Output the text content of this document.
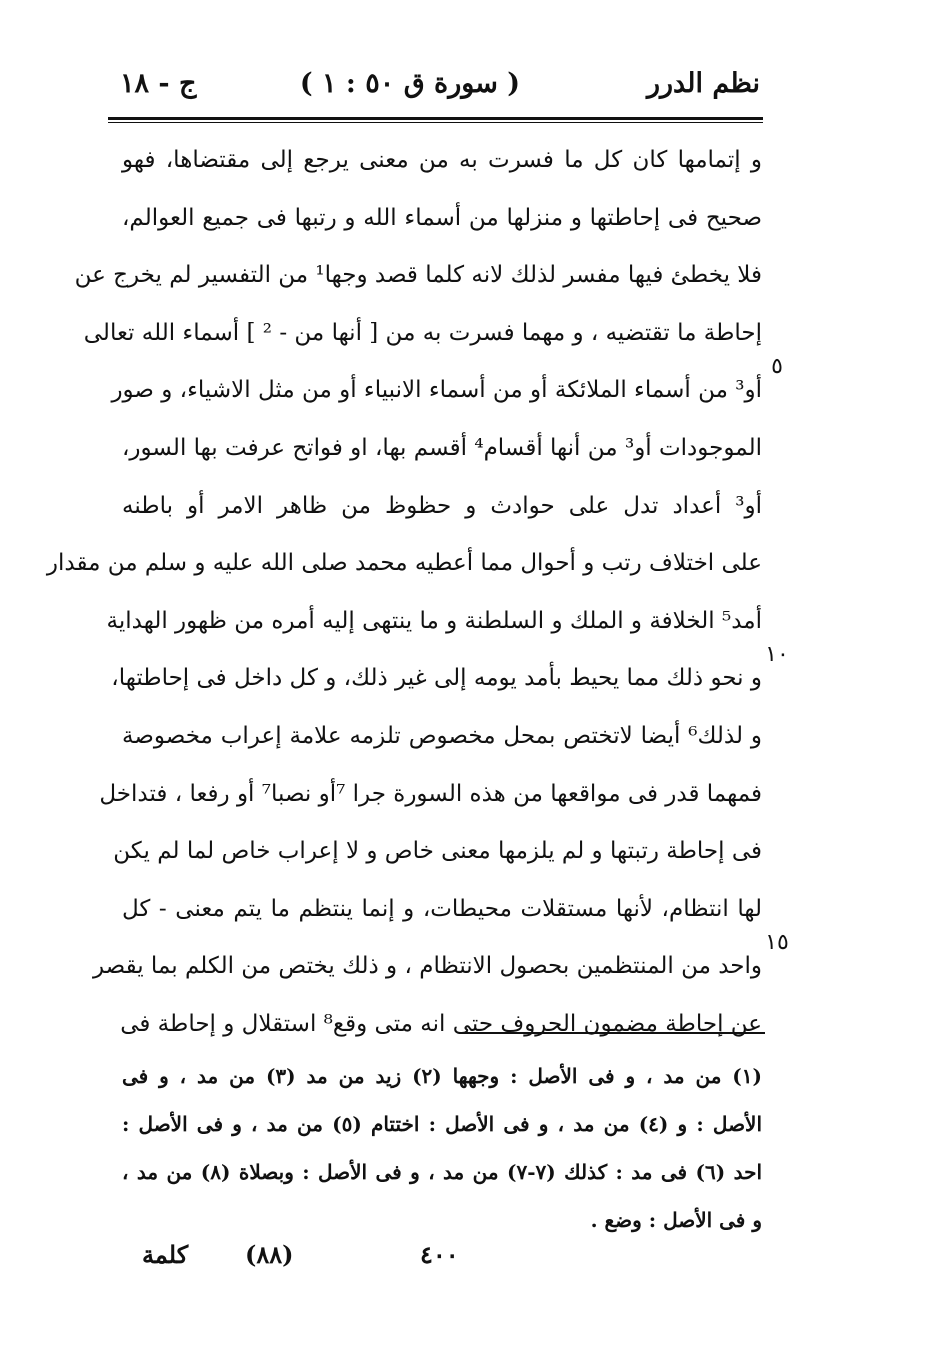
نظم الدرر
( سورة ق ٥٠ : ١ )
ج - ١٨
و إتمامها كان كل ما فسرت به من معنى يرجع إلى مقتضاها، فهو
صحيح فى إحاطتها و منزلها من أسماء الله و رتبها فى جميع العوالم،
فلا يخطئ فيها مفسر لذلك لانه كلما قصد وجها¹ من التفسير لم يخرج عن
إحاطة ما تقتضيه ، و مهما فسرت به من [ أنها من - ² ] أسماء الله تعالى
أو³ من أسماء الملائكة أو من أسماء الانبياء أو من مثل الاشياء، و صور
الموجودات أو³ من أنها أقسام⁴ أقسم بها، او فواتح عرفت بها السور،
أو³ أعداد تدل على حوادث و حظوظ من ظاهر الامر أو باطنه
على اختلاف رتب و أحوال مما أعطيه محمد صلى الله عليه و سلم من مقدار
أمد⁵ الخلافة و الملك و السلطنة و ما ينتهى إليه أمره من ظهور الهداية
و نحو ذلك مما يحيط بأمد يومه إلى غير ذلك، و كل داخل فى إحاطتها،
و لذلك⁶ أيضا لاتختص بمحل مخصوص تلزمه علامة إعراب مخصوصة
فمهما قدر فى مواقعها من هذه السورة جرا ⁷أو نصبا⁷ أو رفعا ، فتداخل
فى إحاطة رتبتها و لم يلزمها معنى خاص و لا إعراب خاص لما لم يكن
لها انتظام، لأنها مستقلات محيطات، و إنما ينتظم ما يتم معنى - كل
واحد من المنتظمين بحصول الانتظام ، و ذلك يختص من الكلم بما يقصر
عن إحاطة مضمون الحروف حتى انه متى وقع⁸ استقلال و إحاطة فى
٥
١٠
١٥
(١) من مد ، و فى الأصل : وجهها (٢) زيد من مد (٣) من مد ، و فى
الأصل : و (٤) من مد ، و فى الأصل : اختتام (٥) من مد ، و فى الأصل :
احد (٦) فى مد : كذلك (٧-٧) من مد ، و فى الأصل : وبصلاة (٨) من مد ،
و فى الأصل : وضع .
كلمة (٨٨)	٤٠٠
